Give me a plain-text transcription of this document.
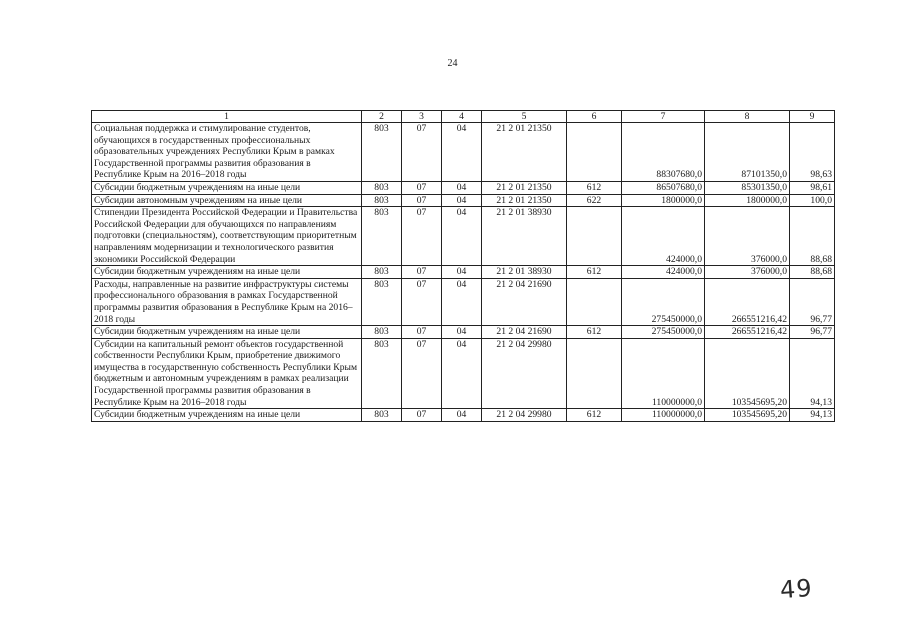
24
1	2	3	4	5	6	7	8	9
Социальная поддержка и стимулирование студентов, обучающихся в государственных профессиональных образовательных учреждениях Республики Крым в рамках Государственной программы развития образования в Республике Крым на 2016–2018 годы	803	07	04	21 2 01 21350		88307680,0	87101350,0	98,63
Субсидии бюджетным учреждениям на иные цели	803	07	04	21 2 01 21350	612	86507680,0	85301350,0	98,61
Субсидии автономным учреждениям на иные цели	803	07	04	21 2 01 21350	622	1800000,0	1800000,0	100,0
Стипендии Президента Российской Федерации и Правительства Российской Федерации для обучающихся по направлениям подготовки (специальностям), соответствующим приоритетным направлениям модернизации и технологического развития экономики Российской Федерации	803	07	04	21 2 01 38930		424000,0	376000,0	88,68
Субсидии бюджетным учреждениям на иные цели	803	07	04	21 2 01 38930	612	424000,0	376000,0	88,68
Расходы, направленные на развитие инфраструктуры системы профессионального образования в рамках Государственной программы развития образования в Республике Крым на 2016–2018 годы	803	07	04	21 2 04 21690		275450000,0	266551216,42	96,77
Субсидии бюджетным учреждениям на иные цели	803	07	04	21 2 04 21690	612	275450000,0	266551216,42	96,77
Субсидии на капитальный ремонт объектов государственной собственности Республики Крым, приобретение движимого имущества в государственную собственность Республики Крым бюджетным и автономным учреждениям в рамках реализации Государственной программы развития образования в Республике Крым на 2016–2018 годы	803	07	04	21 2 04 29980		110000000,0	103545695,20	94,13
Субсидии бюджетным учреждениям на иные цели	803	07	04	21 2 04 29980	612	110000000,0	103545695,20	94,13
49
